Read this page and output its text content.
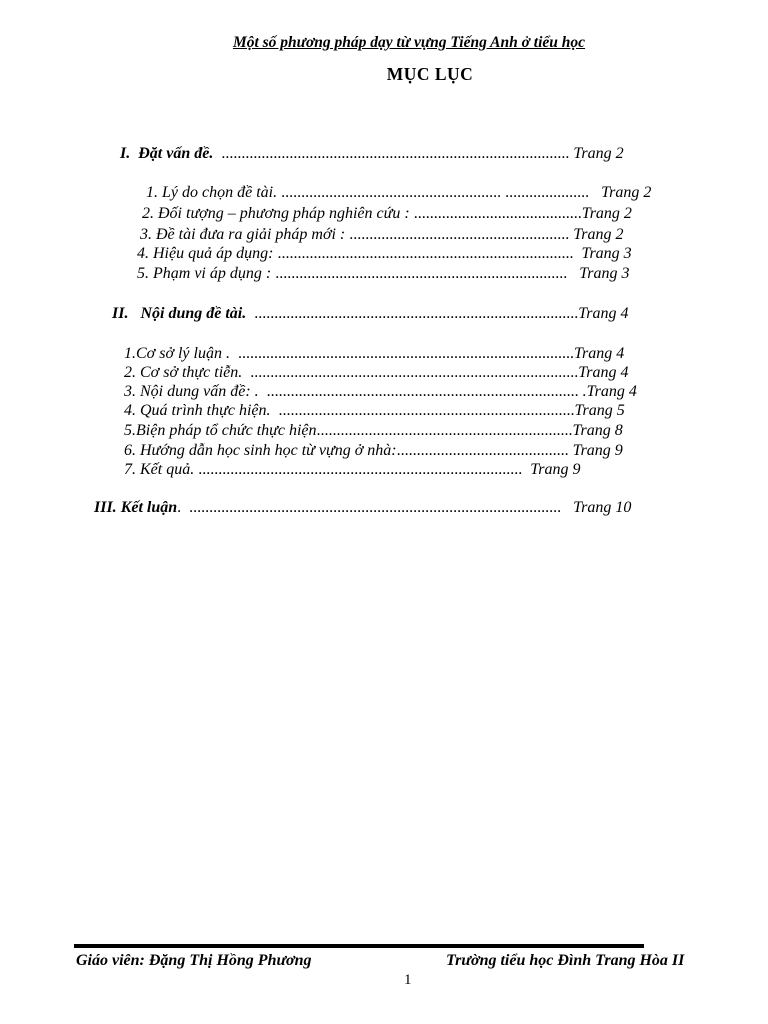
Một số phương pháp dạy từ vựng Tiếng Anh ở tiểu học
MỤC LỤC
I. Đặt vấn đề.  ....................................................................................... Trang 2
1. Lý do chọn đề tài. ....................................................... .....................   Trang 2
2. Đối tượng – phương pháp nghiên cứu : ..........................................Trang 2
3. Đề tài đưa ra giải pháp mới : ....................................................... Trang 2
4. Hiệu quả áp dụng: ..........................................................................  Trang 3
5. Phạm vi áp dụng : .........................................................................   Trang 3
II. Nội dung đề tài.  .................................................................................Trang 4
1.Cơ sở lý luận .  ....................................................................................Trang 4
2. Cơ sở thực tiễn.  ..................................................................................Trang 4
3. Nội dung vấn đề: .  .............................................................................. .Trang 4
4. Quá trình thực hiện.  ..........................................................................Trang 5
5.Biện pháp tổ chức thực hiện................................................................Trang 8
6. Hướng dẫn học sinh học từ vựng ở nhà:........................................... Trang 9
7. Kết quả. .................................................................................  Trang 9
III. Kết luận.  .............................................................................................   Trang 10
Giáo viên: Đặng Thị Hồng Phương	Trường tiểu học Đình Trang Hòa II
1
